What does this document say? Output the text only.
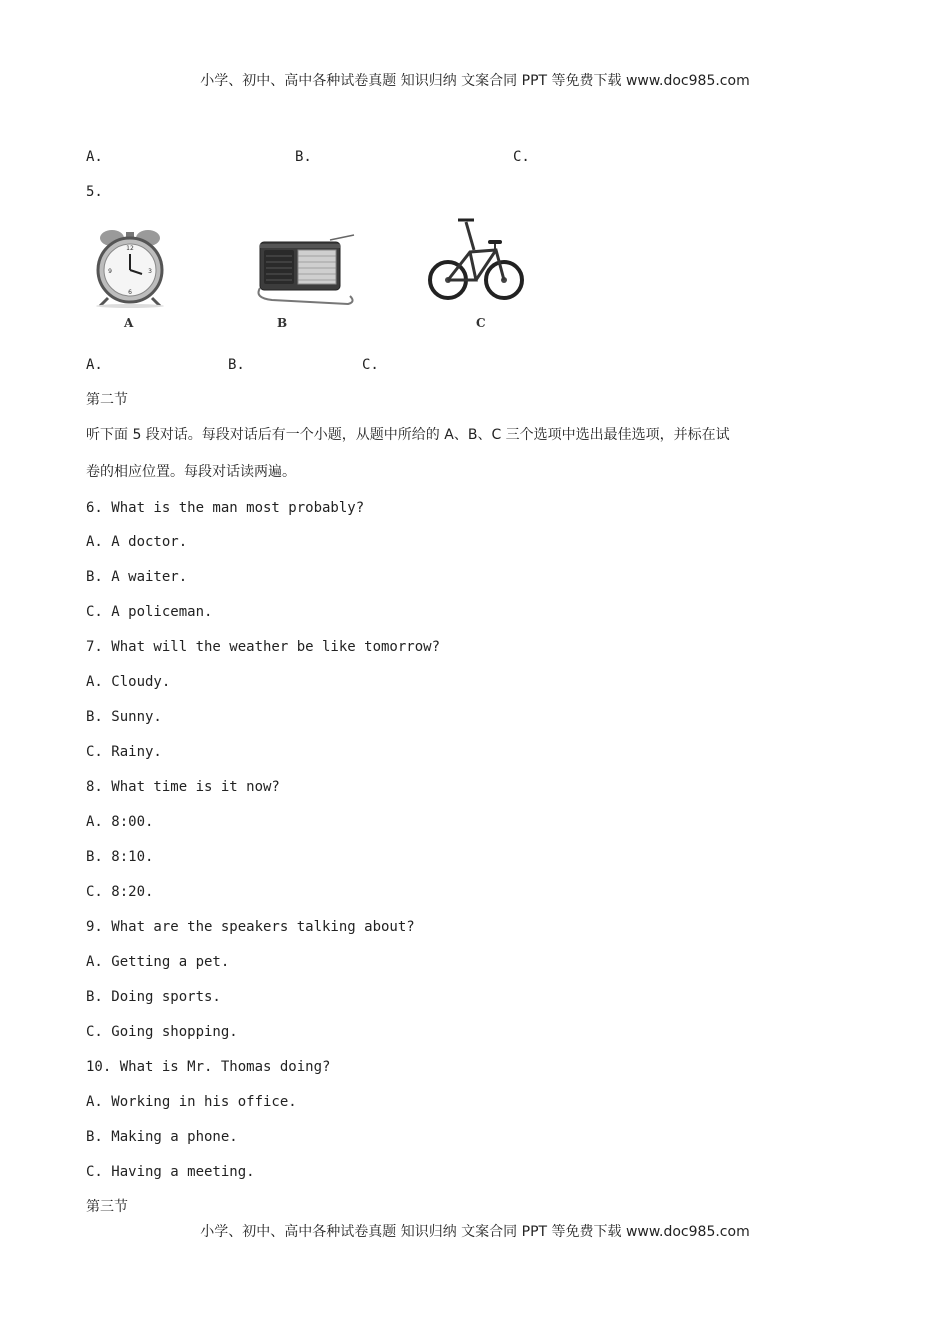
小学、初中、高中各种试卷真题 知识归纳 文案合同 PPT 等免费下载 www.doc985.com
A.	B.	C.
5.
12
3
6
9
A	B	C
A.	B.	C.
第二节
听下面 5 段对话。每段对话后有一个小题，从题中所给的 A、B、C 三个选项中选出最佳选项，并标在试
卷的相应位置。每段对话读两遍。
6. What is the man most probably?
A. A doctor.
B. A waiter.
C. A policeman.
7. What will the weather be like tomorrow?
A. Cloudy.
B. Sunny.
C. Rainy.
8. What time is it now?
A. 8:00.
B. 8:10.
C. 8:20.
9. What are the speakers talking about?
A. Getting a pet.
B. Doing sports.
C. Going shopping.
10. What is Mr. Thomas doing?
A. Working in his office.
B. Making a phone.
C. Having a meeting.
第三节
小学、初中、高中各种试卷真题 知识归纳 文案合同 PPT 等免费下载 www.doc985.com
